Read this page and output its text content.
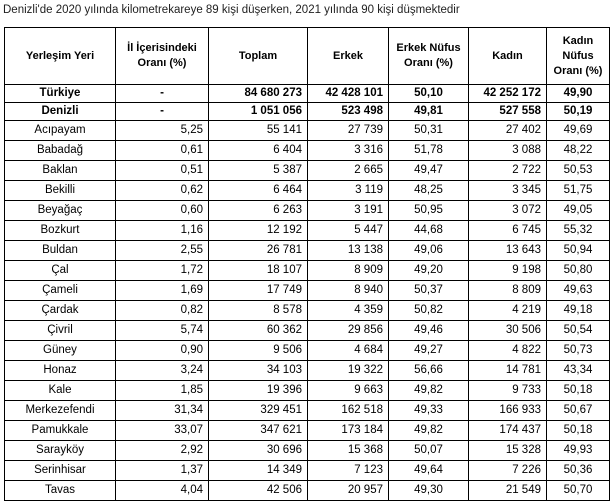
Denizli'de 2020 yılında kilometrekareye 89 kişi düşerken, 2021 yılında 90 kişi düşmektedir
Yerleşim Yeri	İl İçerisindeki Oranı (%)	Toplam	Erkek	Erkek Nüfus Oranı (%)	Kadın	Kadın Nüfus Oranı (%)
Türkiye	-	84 680 273	42 428 101	50,10	42 252 172	49,90
Denizli	-	1 051 056	523 498	49,81	527 558	50,19
Acıpayam	5,25	55 141	27 739	50,31	27 402	49,69
Babadağ	0,61	6 404	3 316	51,78	3 088	48,22
Baklan	0,51	5 387	2 665	49,47	2 722	50,53
Bekilli	0,62	6 464	3 119	48,25	3 345	51,75
Beyağaç	0,60	6 263	3 191	50,95	3 072	49,05
Bozkurt	1,16	12 192	5 447	44,68	6 745	55,32
Buldan	2,55	26 781	13 138	49,06	13 643	50,94
Çal	1,72	18 107	8 909	49,20	9 198	50,80
Çameli	1,69	17 749	8 940	50,37	8 809	49,63
Çardak	0,82	8 578	4 359	50,82	4 219	49,18
Çivril	5,74	60 362	29 856	49,46	30 506	50,54
Güney	0,90	9 506	4 684	49,27	4 822	50,73
Honaz	3,24	34 103	19 322	56,66	14 781	43,34
Kale	1,85	19 396	9 663	49,82	9 733	50,18
Merkezefendi	31,34	329 451	162 518	49,33	166 933	50,67
Pamukkale	33,07	347 621	173 184	49,82	174 437	50,18
Sarayköy	2,92	30 696	15 368	50,07	15 328	49,93
Serinhisar	1,37	14 349	7 123	49,64	7 226	50,36
Tavas	4,04	42 506	20 957	49,30	21 549	50,70
